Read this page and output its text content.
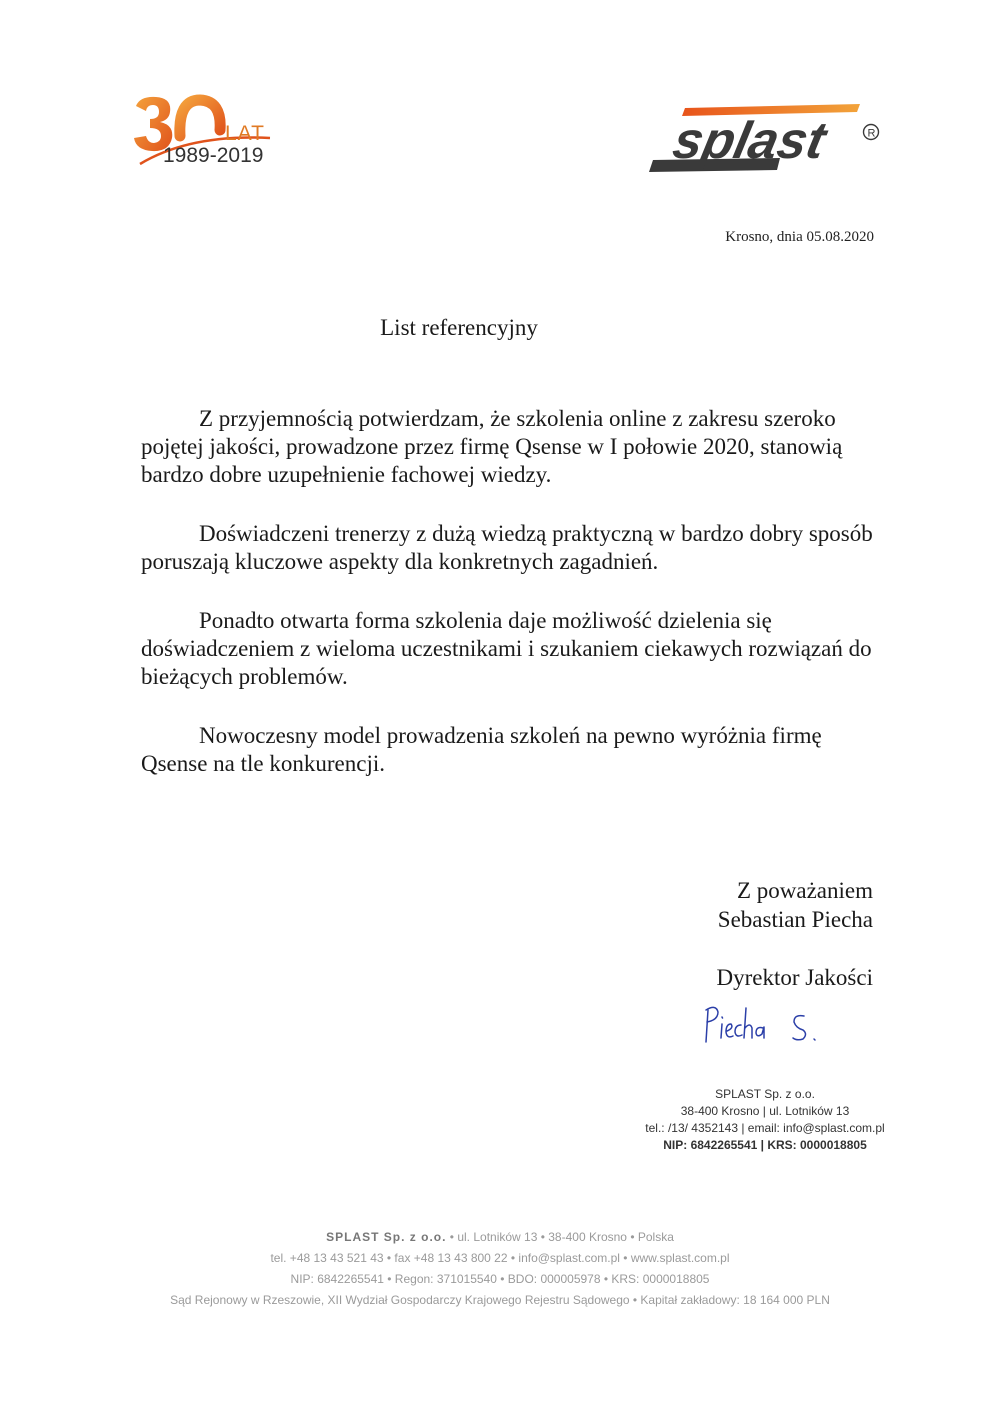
LAT
1989-2019	splast	R
Krosno, dnia 05.08.2020
List referencyjny

Z przyjemnością potwierdzam, że szkolenia online z zakresu szeroko pojętej jakości, prowadzone przez firmę Qsense w I połowie 2020, stanowią bardzo dobre uzupełnienie fachowej wiedzy.

Doświadczeni trenerzy z dużą wiedzą praktyczną w bardzo dobry sposób poruszają kluczowe aspekty dla konkretnych zagadnień.

Ponadto otwarta forma szkolenia daje możliwość dzielenia się doświadczeniem z wieloma uczestnikami i szukaniem ciekawych rozwiązań do bieżących problemów.

Nowoczesny model prowadzenia szkoleń na pewno wyróżnia firmę Qsense na tle konkurencji.

Z poważaniem
Sebastian Piecha

Dyrektor Jakości
SPLAST Sp. z o.o.
38-400 Krosno | ul. Lotników 13
tel.: /13/ 4352143 | email: info@splast.com.pl
NIP: 6842265541 | KRS: 0000018805
SPLAST Sp. z o.o. • ul. Lotników 13 • 38-400 Krosno • Polska
tel. +48 13 43 521 43 • fax +48 13 43 800 22 • info@splast.com.pl • www.splast.com.pl
NIP: 6842265541 • Regon: 371015540 • BDO: 000005978 • KRS: 0000018805
Sąd Rejonowy w Rzeszowie, XII Wydział Gospodarczy Krajowego Rejestru Sądowego • Kapitał zakładowy: 18 164 000 PLN
